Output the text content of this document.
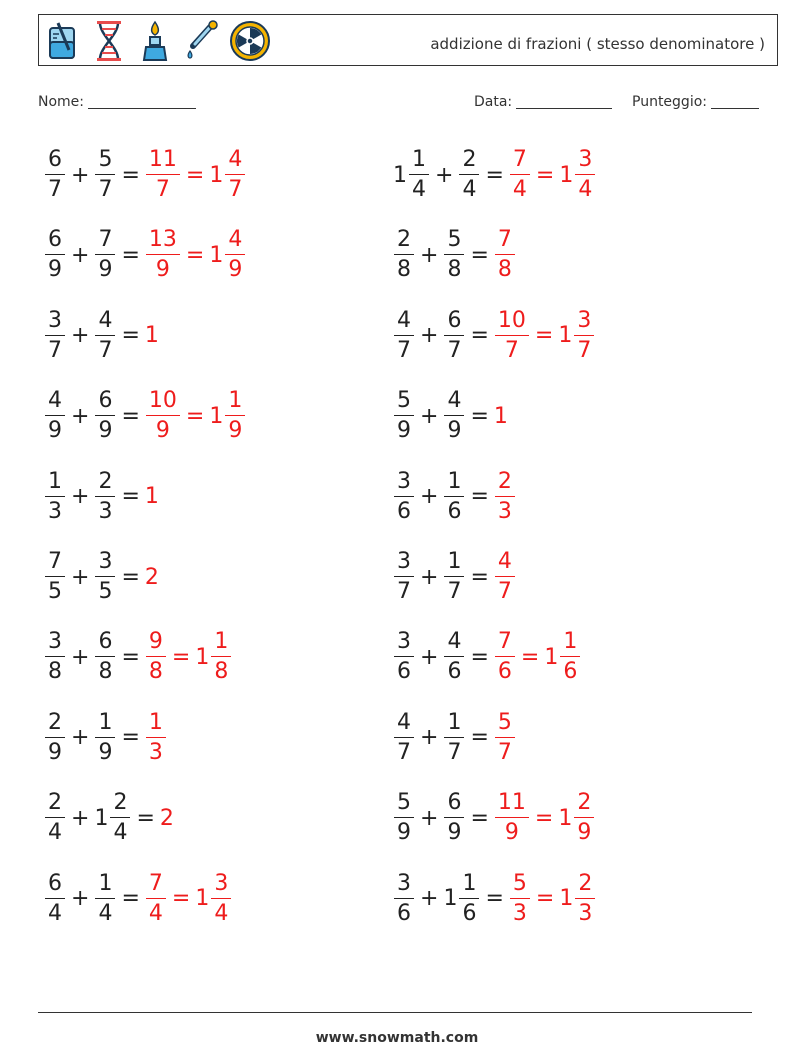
addizione di frazioni ( stesso denominatore )
Nome:	Data:	Punteggio:
$\frac{6}{7} + \frac{5}{7} = \frac{11}{7} = 1 \frac{4}{7}$	$1 \frac{1}{4} + \frac{2}{4} = \frac{7}{4} = 1 \frac{3}{4}$
$\frac{6}{9} + \frac{7}{9} = \frac{13}{9} = 1 \frac{4}{9}$	$\frac{2}{8} + \frac{5}{8} = \frac{7}{8}$
$\frac{3}{7} + \frac{4}{7} = 1$	$\frac{4}{7} + \frac{6}{7} = \frac{10}{7} = 1 \frac{3}{7}$
$\frac{4}{9} + \frac{6}{9} = \frac{10}{9} = 1 \frac{1}{9}$	$\frac{5}{9} + \frac{4}{9} = 1$
$\frac{1}{3} + \frac{2}{3} = 1$	$\frac{3}{6} + \frac{1}{6} = \frac{2}{3}$
$\frac{7}{5} + \frac{3}{5} = 2$	$\frac{3}{7} + \frac{1}{7} = \frac{4}{7}$
$\frac{3}{8} + \frac{6}{8} = \frac{9}{8} = 1 \frac{1}{8}$	$\frac{3}{6} + \frac{4}{6} = \frac{7}{6} = 1 \frac{1}{6}$
$\frac{2}{9} + \frac{1}{9} = \frac{1}{3}$	$\frac{4}{7} + \frac{1}{7} = \frac{5}{7}$
$\frac{2}{4} + 1 \frac{2}{4} = 2$	$\frac{5}{9} + \frac{6}{9} = \frac{11}{9} = 1 \frac{2}{9}$
$\frac{6}{4} + \frac{1}{4} = \frac{7}{4} = 1 \frac{3}{4}$	$\frac{3}{6} + 1 \frac{1}{6} = \frac{5}{3} = 1 \frac{2}{3}$
www.snowmath.com
